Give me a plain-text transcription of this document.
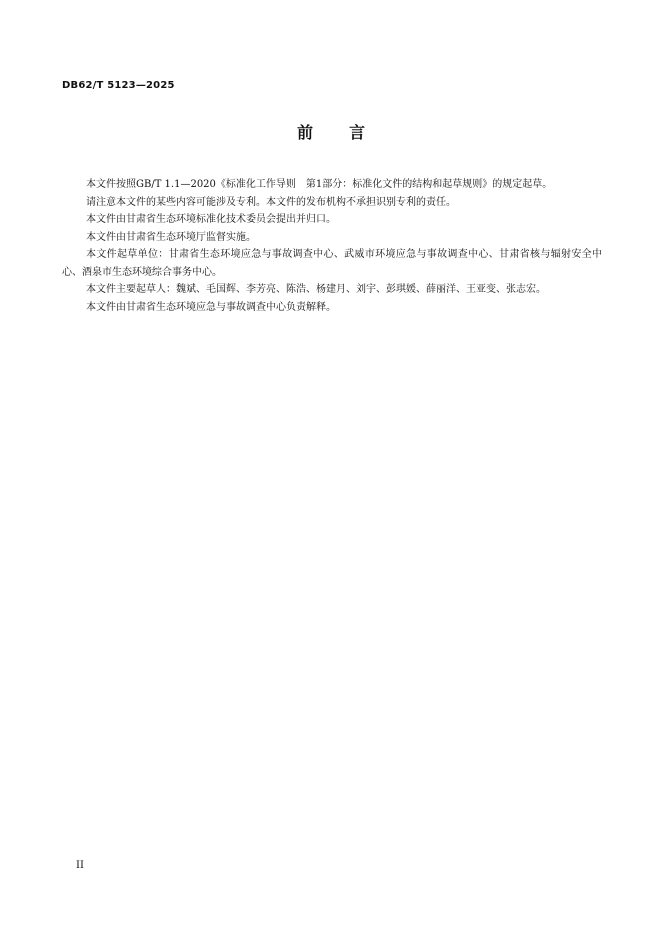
DB62/T 5123—2025
前言

本文件按照GB/T 1.1—2020《标准化工作导则　第1部分：标准化文件的结构和起草规则》的规定起草。

请注意本文件的某些内容可能涉及专利。本文件的发布机构不承担识别专利的责任。

本文件由甘肃省生态环境标准化技术委员会提出并归口。

本文件由甘肃省生态环境厅监督实施。

本文件起草单位：甘肃省生态环境应急与事故调查中心、武威市环境应急与事故调查中心、甘肃省核与辐射安全中心、酒泉市生态环境综合事务中心。

本文件主要起草人：魏斌、毛国辉、李芳亮、陈浩、杨建月、刘宇、彭琪媛、薛丽洋、王亚变、张志宏。

本文件由甘肃省生态环境应急与事故调查中心负责解释。

II
